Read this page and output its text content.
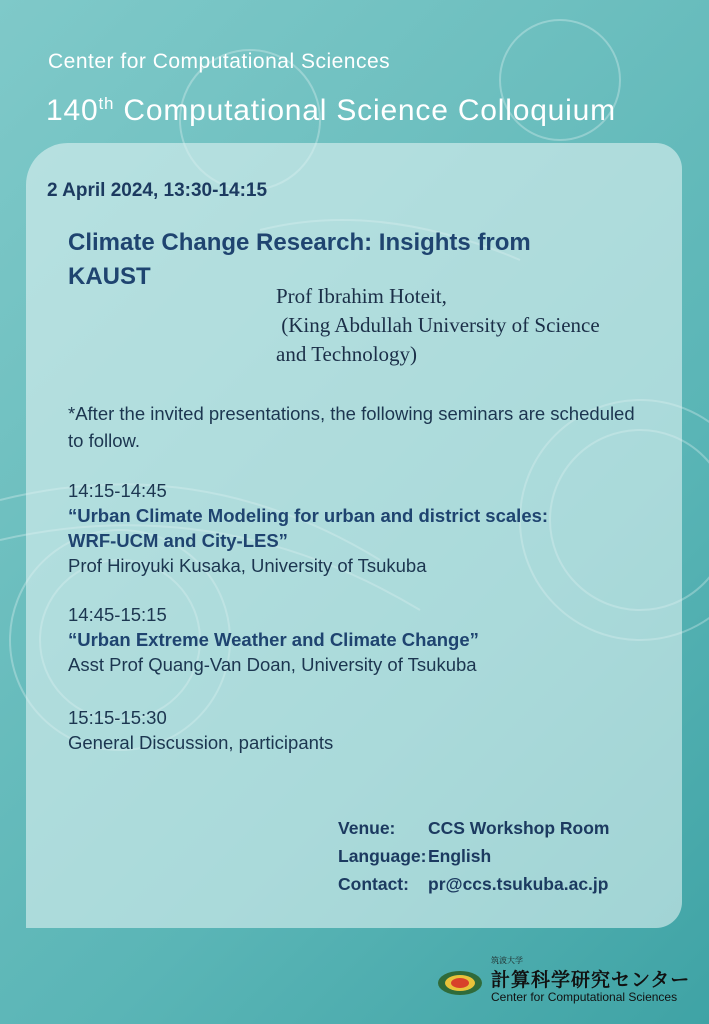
Center for Computational Sciences
140th Computational Science Colloquium
2 April 2024, 13:30-14:15
Climate Change Research: Insights from KAUST
Prof Ibrahim Hoteit,
(King Abdullah University of Science
and Technology)
*After the invited presentations, the following seminars are scheduled to follow.
14:15-14:45
“Urban Climate Modeling for urban and district scales:
WRF-UCM and City-LES”
Prof Hiroyuki Kusaka, University of Tsukuba
14:45-15:15
“Urban Extreme Weather and Climate Change”
Asst Prof Quang-Van Doan, University of Tsukuba
15:15-15:30
General Discussion, participants
Venue:	CCS Workshop Room
Language: English
Contact:	pr@ccs.tsukuba.ac.jp
筑波大学
計算科学研究センター
Center for Computational Sciences
